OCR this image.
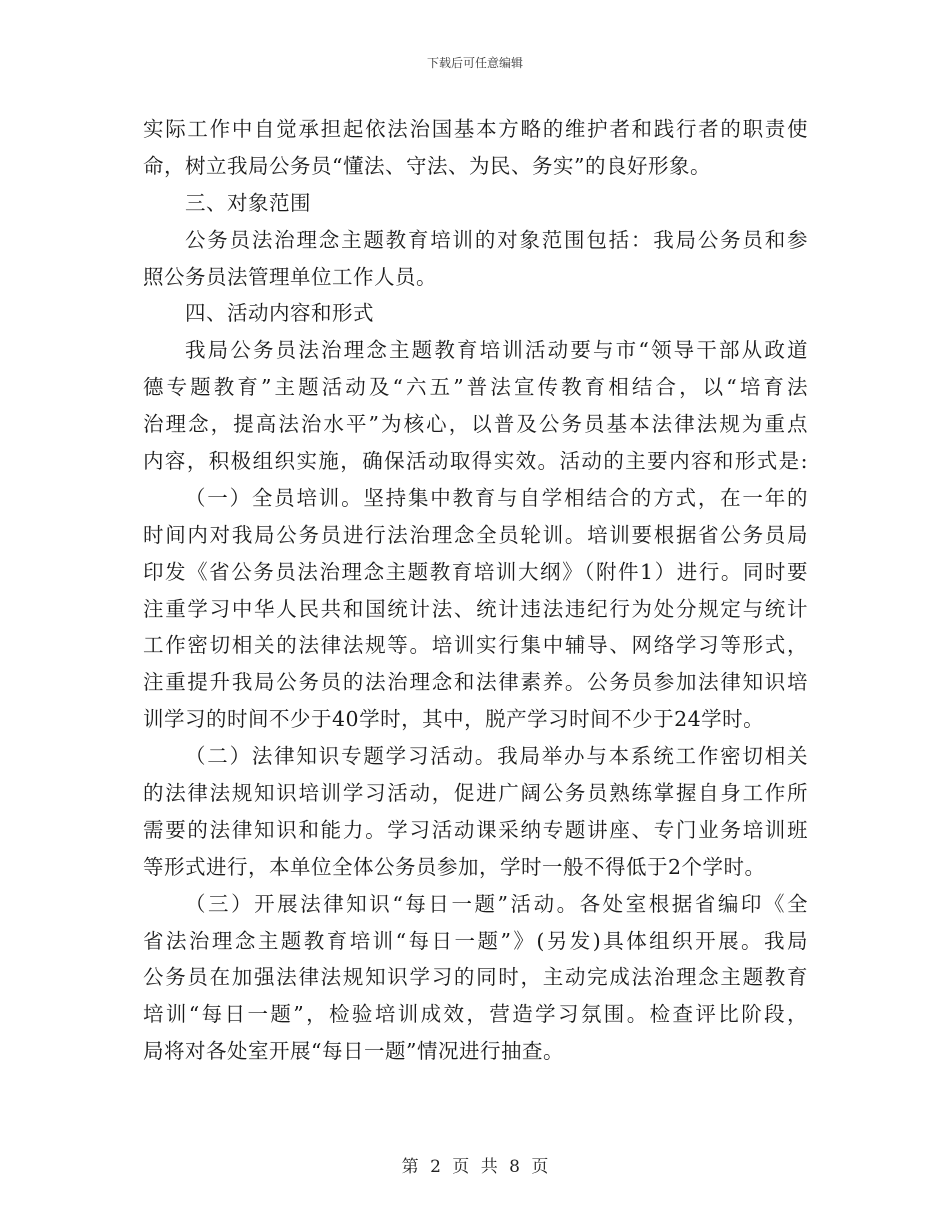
下载后可任意编辑
实际工作中自觉承担起依法治国基本方略的维护者和践行者的职责使
命，树立我局公务员“懂法、守法、为民、务实”的良好形象。
三、对象范围
公务员法治理念主题教育培训的对象范围包括：我局公务员和参
照公务员法管理单位工作人员。
四、活动内容和形式
我局公务员法治理念主题教育培训活动要与市“领导干部从政道
德专题教育”主题活动及“六五”普法宣传教育相结合，以“培育法
治理念，提高法治水平”为核心，以普及公务员基本法律法规为重点
内容，积极组织实施，确保活动取得实效。活动的主要内容和形式是:
（一）全员培训。坚持集中教育与自学相结合的方式，在一年的
时间内对我局公务员进行法治理念全员轮训。培训要根据省公务员局
印发《省公务员法治理念主题教育培训大纲》（附件1）进行。同时要
注重学习中华人民共和国统计法、统计违法违纪行为处分规定与统计
工作密切相关的法律法规等。培训实行集中辅导、网络学习等形式，
注重提升我局公务员的法治理念和法律素养。公务员参加法律知识培
训学习的时间不少于40学时，其中，脱产学习时间不少于24学时。
（二）法律知识专题学习活动。我局举办与本系统工作密切相关
的法律法规知识培训学习活动，促进广阔公务员熟练掌握自身工作所
需要的法律知识和能力。学习活动课采纳专题讲座、专门业务培训班
等形式进行，本单位全体公务员参加，学时一般不得低于2个学时。
（三）开展法律知识“每日一题”活动。各处室根据省编印《全
省法治理念主题教育培训“每日一题”》(另发)具体组织开展。我局
公务员在加强法律法规知识学习的同时，主动完成法治理念主题教育
培训“每日一题”，检验培训成效，营造学习氛围。检查评比阶段，
局将对各处室开展“每日一题”情况进行抽查。
第 2 页 共 8 页
